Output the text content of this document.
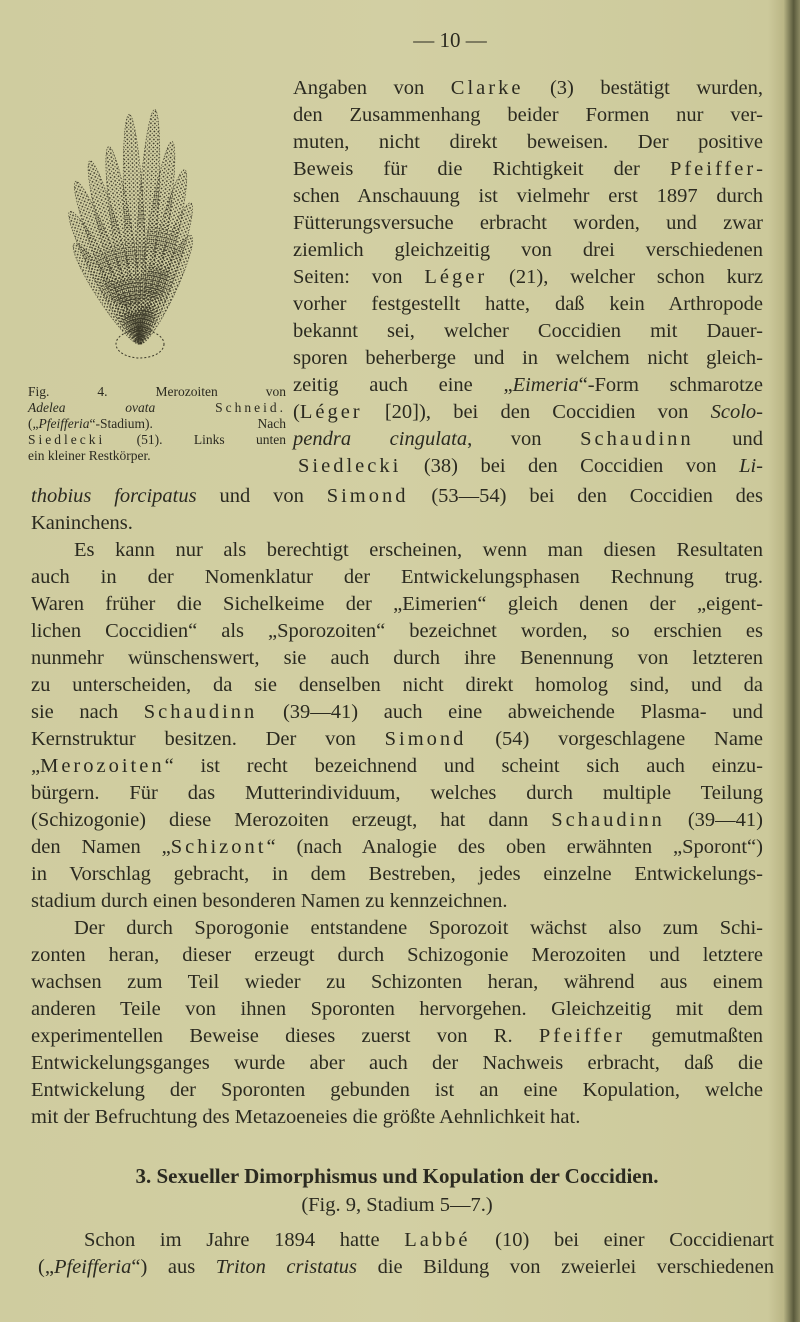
— 10 —
Fig. 4. Merozoiten von
Adelea ovata	Schneid.
(„Pfeifferia“-Stadium). Nach
Siedlecki (51). Links unten
ein kleiner Restkörper.
Angaben von Clarke (3) bestätigt wurden,
den Zusammenhang beider Formen nur ver-
muten, nicht direkt beweisen. Der positive
Beweis für die Richtigkeit der Pfeiffer-
schen Anschauung ist vielmehr erst 1897 durch
Fütterungsversuche erbracht worden, und zwar
ziemlich gleichzeitig von drei verschiedenen
Seiten: von Léger (21), welcher schon kurz
vorher festgestellt hatte, daß kein Arthropode
bekannt sei, welcher Coccidien mit Dauer-
sporen beherberge und in welchem nicht gleich-
zeitig auch eine „Eimeria“-Form schmarotze
(Léger [20]), bei den Coccidien von Scolo-
pendra cingulata, von Schaudinn und
Siedlecki (38) bei den Coccidien von Li-
thobius forcipatus und von Simond (53—54) bei den Coccidien des
Kaninchens.
Es kann nur als berechtigt erscheinen, wenn man diesen Resultaten
auch in der Nomenklatur der Entwickelungsphasen Rechnung trug.
Waren früher die Sichelkeime der „Eimerien“ gleich denen der „eigent-
lichen Coccidien“ als „Sporozoiten“ bezeichnet worden, so erschien es
nunmehr wünschenswert, sie auch durch ihre Benennung von letzteren
zu unterscheiden, da sie denselben nicht direkt homolog sind, und da
sie nach Schaudinn (39—41) auch eine abweichende Plasma- und
Kernstruktur besitzen. Der von Simond (54) vorgeschlagene Name
„Merozoiten“ ist recht bezeichnend und scheint sich auch einzu-
bürgern. Für das Mutterindividuum, welches durch multiple Teilung
(Schizogonie) diese Merozoiten erzeugt, hat dann Schaudinn (39—41)
den Namen „Schizont“ (nach Analogie des oben erwähnten „Sporont“)
in Vorschlag gebracht, in dem Bestreben, jedes einzelne Entwickelungs-
stadium durch einen besonderen Namen zu kennzeichnen.
Der durch Sporogonie entstandene Sporozoit wächst also zum Schi-
zonten heran, dieser erzeugt durch Schizogonie Merozoiten und letztere
wachsen zum Teil wieder zu Schizonten heran, während aus einem
anderen Teile von ihnen Sporonten hervorgehen. Gleichzeitig mit dem
experimentellen Beweise dieses zuerst von R. Pfeiffer gemutmaßten
Entwickelungsganges wurde aber auch der Nachweis erbracht, daß die
Entwickelung der Sporonten gebunden ist an eine Kopulation, welche
mit der Befruchtung des Metazoeneies die größte Aehnlichkeit hat.
3. Sexueller Dimorphismus und Kopulation der Coccidien.
(Fig. 9, Stadium 5—7.)
Schon im Jahre 1894 hatte Labbé (10) bei einer Coccidienart
(„Pfeifferia“) aus Triton cristatus die Bildung von zweierlei verschiedenen
